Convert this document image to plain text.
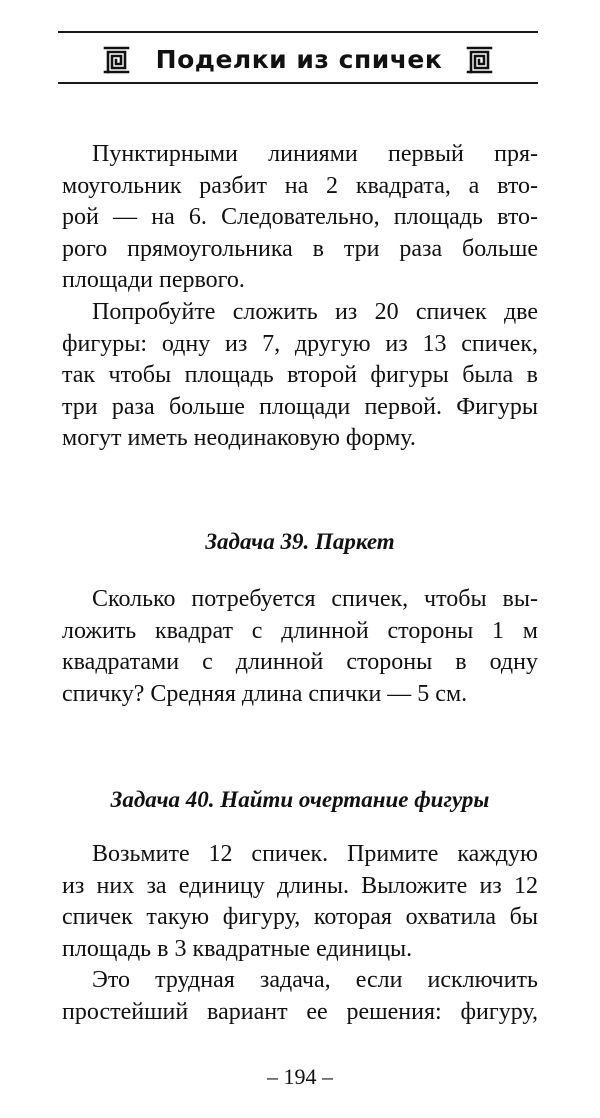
Поделки из спичек

Пунктирными линиями первый пря-
моугольник разбит на 2 квадрата, а вто-
рой — на 6. Следовательно, площадь вто-
рого прямоугольника в три раза больше
площади первого.

Попробуйте сложить из 20 спичек две
фигуры: одну из 7, другую из 13 спичек,
так чтобы площадь второй фигуры была в
три раза больше площади первой. Фигуры
могут иметь неодинаковую форму.

Задача 39. Паркет

Сколько потребуется спичек, чтобы вы-
ложить квадрат с длинной стороны 1 м
квадратами с длинной стороны в одну
спичку? Средняя длина спички — 5 см.

Задача 40. Найти очертание фигуры

Возьмите 12 спичек. Примите каждую
из них за единицу длины. Выложите из 12
спичек такую фигуру, которая охватила бы
площадь в 3 квадратные единицы.

Это трудная задача, если исключить
простейший вариант ее решения: фигуру,

– 194 –
